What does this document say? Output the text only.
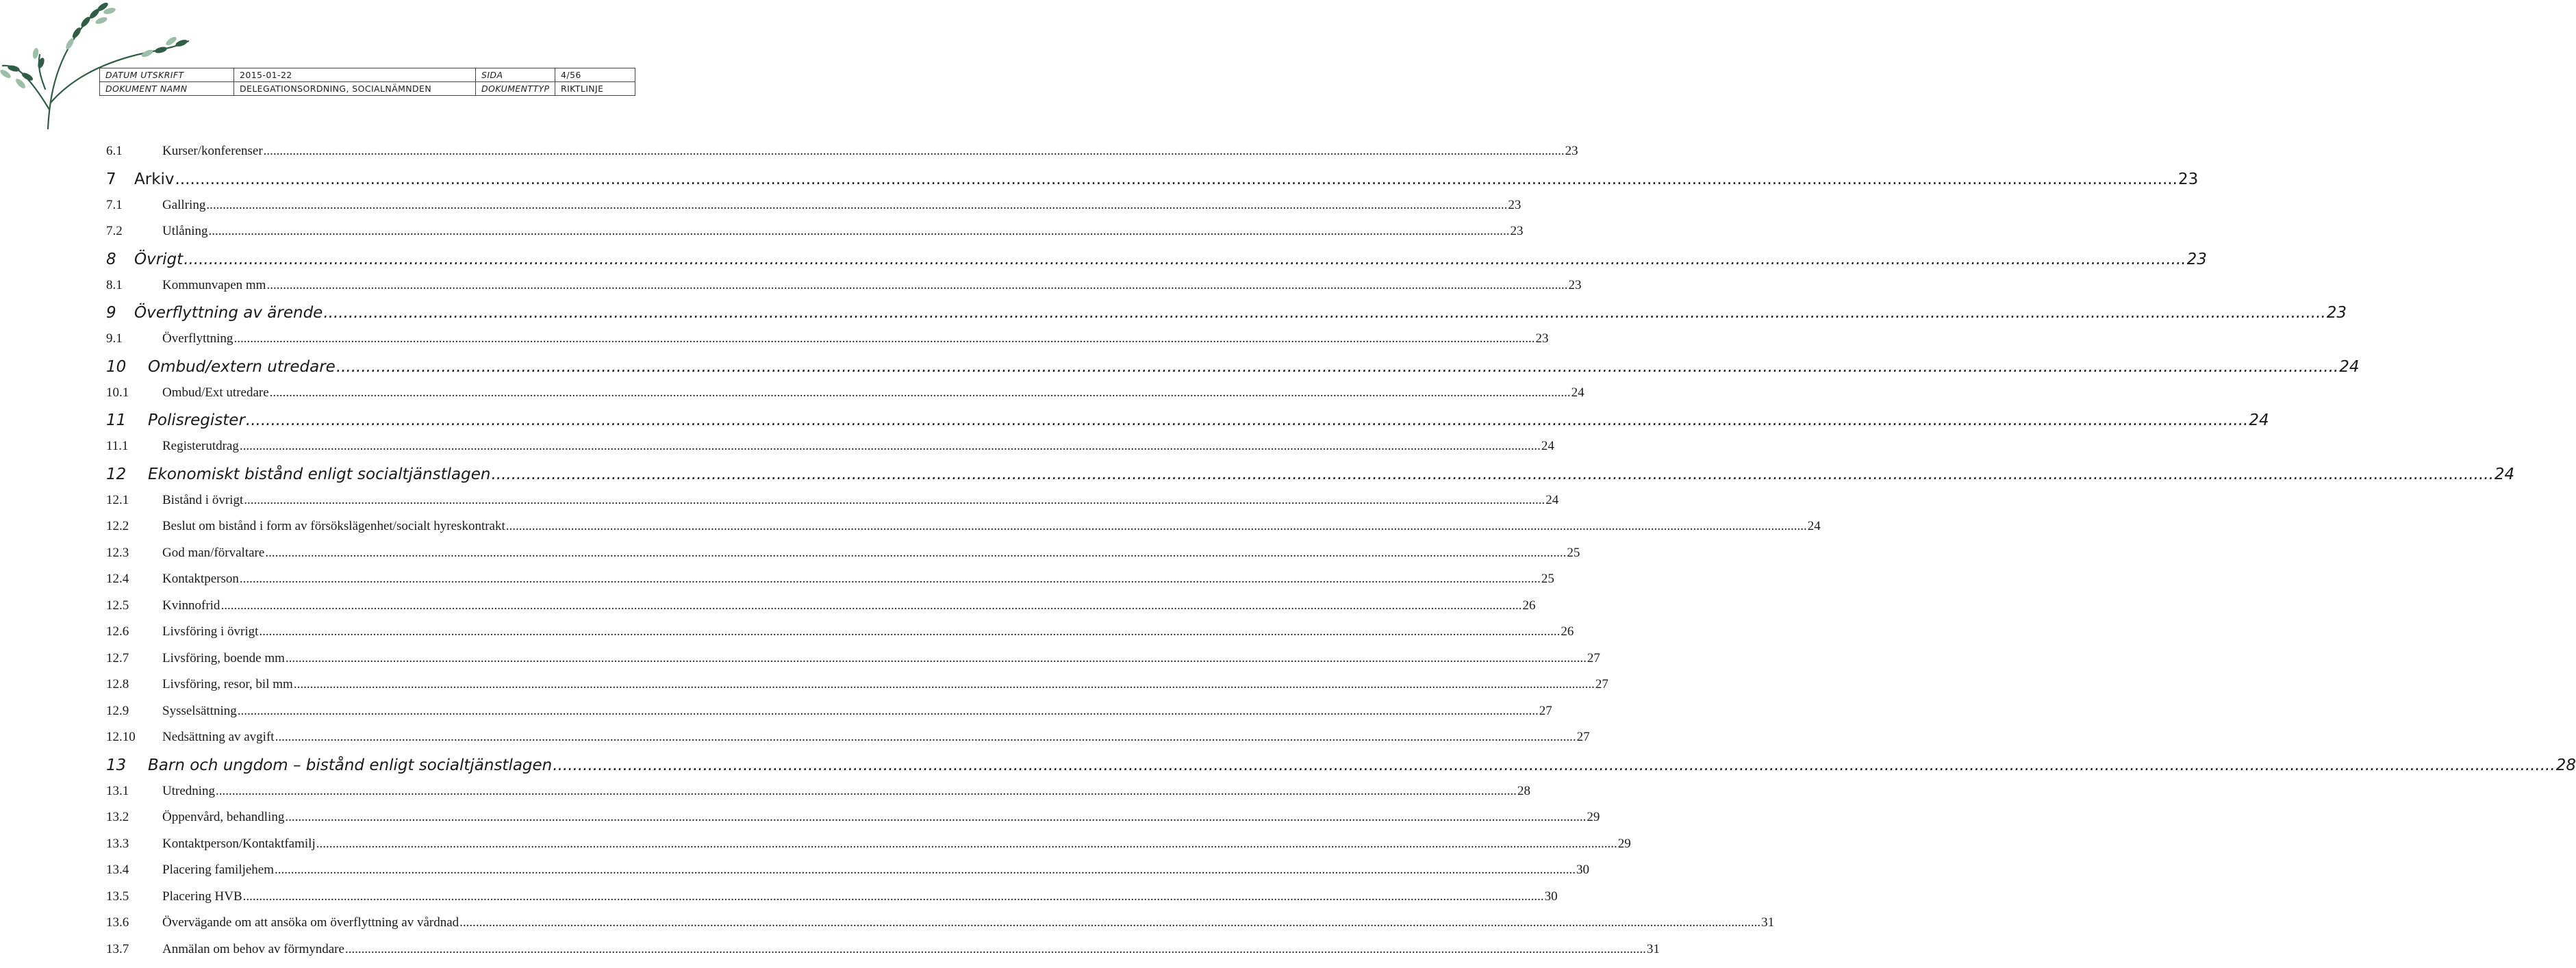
DATUM UTSKRIFT	2015-01-22	SIDA	4/56
DOKUMENT NAMN	DELEGATIONSORDNING, SOCIALNÄMNDEN	DOKUMENTTYP	RIKTLINJE
6.1	Kurser/konferenser .....	23
7	Arkiv .....	23
7.1	Gallring .....	23
7.2	Utlåning .....	23
8	Övrigt .....	23
8.1	Kommunvapen mm .....	23
9	Överflyttning av ärende .....	23
9.1	Överflyttning .....	23
10	Ombud/extern utredare .....	24
10.1	Ombud/Ext utredare .....	24
11	Polisregister .....	24
11.1	Registerutdrag .....	24
12	Ekonomiskt bistånd enligt socialtjänstlagen .....	24
12.1	Bistånd i övrigt .....	24
12.2	Beslut om bistånd i form av försökslägenhet/socialt hyreskontrakt .....	24
12.3	God man/förvaltare .....	25
12.4	Kontaktperson .....	25
12.5	Kvinnofrid .....	26
12.6	Livsföring i övrigt .....	26
12.7	Livsföring, boende mm .....	27
12.8	Livsföring, resor, bil mm .....	27
12.9	Sysselsättning .....	27
12.10	Nedsättning av avgift .....	27
13	Barn och ungdom – bistånd enligt socialtjänstlagen .....	28
13.1	Utredning .....	28
13.2	Öppenvård, behandling .....	29
13.3	Kontaktperson/Kontaktfamilj .....	29
13.4	Placering familjehem .....	30
13.5	Placering HVB .....	30
13.6	Övervägande om att ansöka om överflyttning av vårdnad .....	31
13.7	Anmälan om behov av förmyndare .....	31
